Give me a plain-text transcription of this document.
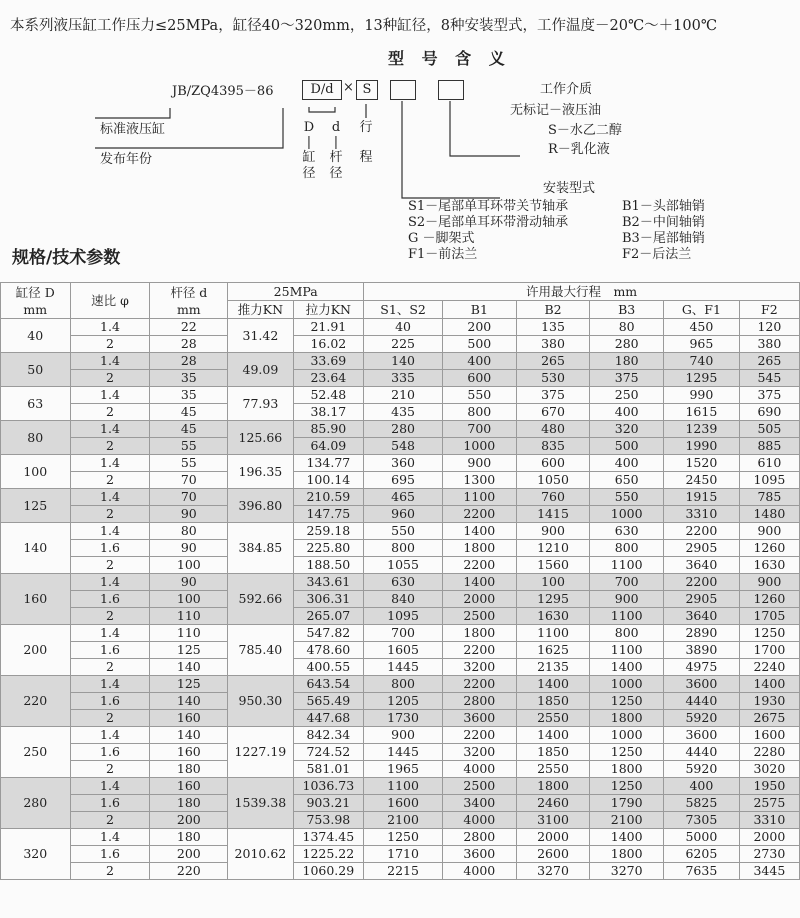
本系列液压缸工作压力≤25MPa，缸径40～320mm，13种缸径，8种安装型式，工作温度－20℃～＋100℃
型 号 含 义
JB/ZQ4395－86	D/d × S
标准液压缸
发布年份
D
|
缸
径
d
|
杆
径
行
程
工作介质
无标记－液压油
S－水乙二醇
R－乳化液
安装型式
S1－尾部单耳环带关节轴承
S2－尾部单耳环带滑动轴承
G －脚架式
F1－前法兰
B1－头部轴销
B2－中间轴销
B3－尾部轴销
F2－后法兰
规格/技术参数
缸径 D
mm	速比 φ	杆径 d
mm	25MPa		许用最大行程　mm					
			推力KN	拉力KN	S1、S2	B1	B2	B3	G、F1	F2
40	1.4	22	31.42	21.91	40	200	135	80	450	120
	2	28		16.02	225	500	380	280	965	380
50	1.4	28	49.09	33.69	140	400	265	180	740	265
	2	35		23.64	335	600	530	375	1295	545
63	1.4	35	77.93	52.48	210	550	375	250	990	375
	2	45		38.17	435	800	670	400	1615	690
80	1.4	45	125.66	85.90	280	700	480	320	1239	505
	2	55		64.09	548	1000	835	500	1990	885
100	1.4	55	196.35	134.77	360	900	600	400	1520	610
	2	70		100.14	695	1300	1050	650	2450	1095
125	1.4	70	396.80	210.59	465	1100	760	550	1915	785
	2	90		147.75	960	2200	1415	1000	3310	1480
140	1.4	80	384.85	259.18	550	1400	900	630	2200	900
	1.6	90		225.80	800	1800	1210	800	2905	1260
	2	100		188.50	1055	2200	1560	1100	3640	1630
160	1.4	90	592.66	343.61	630	1400	100	700	2200	900
	1.6	100		306.31	840	2000	1295	900	2905	1260
	2	110		265.07	1095	2500	1630	1100	3640	1705
200	1.4	110	785.40	547.82	700	1800	1100	800	2890	1250
	1.6	125		478.60	1605	2200	1625	1100	3890	1700
	2	140		400.55	1445	3200	2135	1400	4975	2240
220	1.4	125	950.30	643.54	800	2200	1400	1000	3600	1400
	1.6	140		565.49	1205	2800	1850	1250	4440	1930
	2	160		447.68	1730	3600	2550	1800	5920	2675
250	1.4	140	1227.19	842.34	900	2200	1400	1000	3600	1600
	1.6	160		724.52	1445	3200	1850	1250	4440	2280
	2	180		581.01	1965	4000	2550	1800	5920	3020
280	1.4	160	1539.38	1036.73	1100	2500	1800	1250	400	1950
	1.6	180		903.21	1600	3400	2460	1790	5825	2575
	2	200		753.98	2100	4000	3100	2100	7305	3310
320	1.4	180	2010.62	1374.45	1250	2800	2000	1400	5000	2000
	1.6	200		1225.22	1710	3600	2600	1800	6205	2730
	2	220		1060.29	2215	4000	3270	3270	7635	3445
